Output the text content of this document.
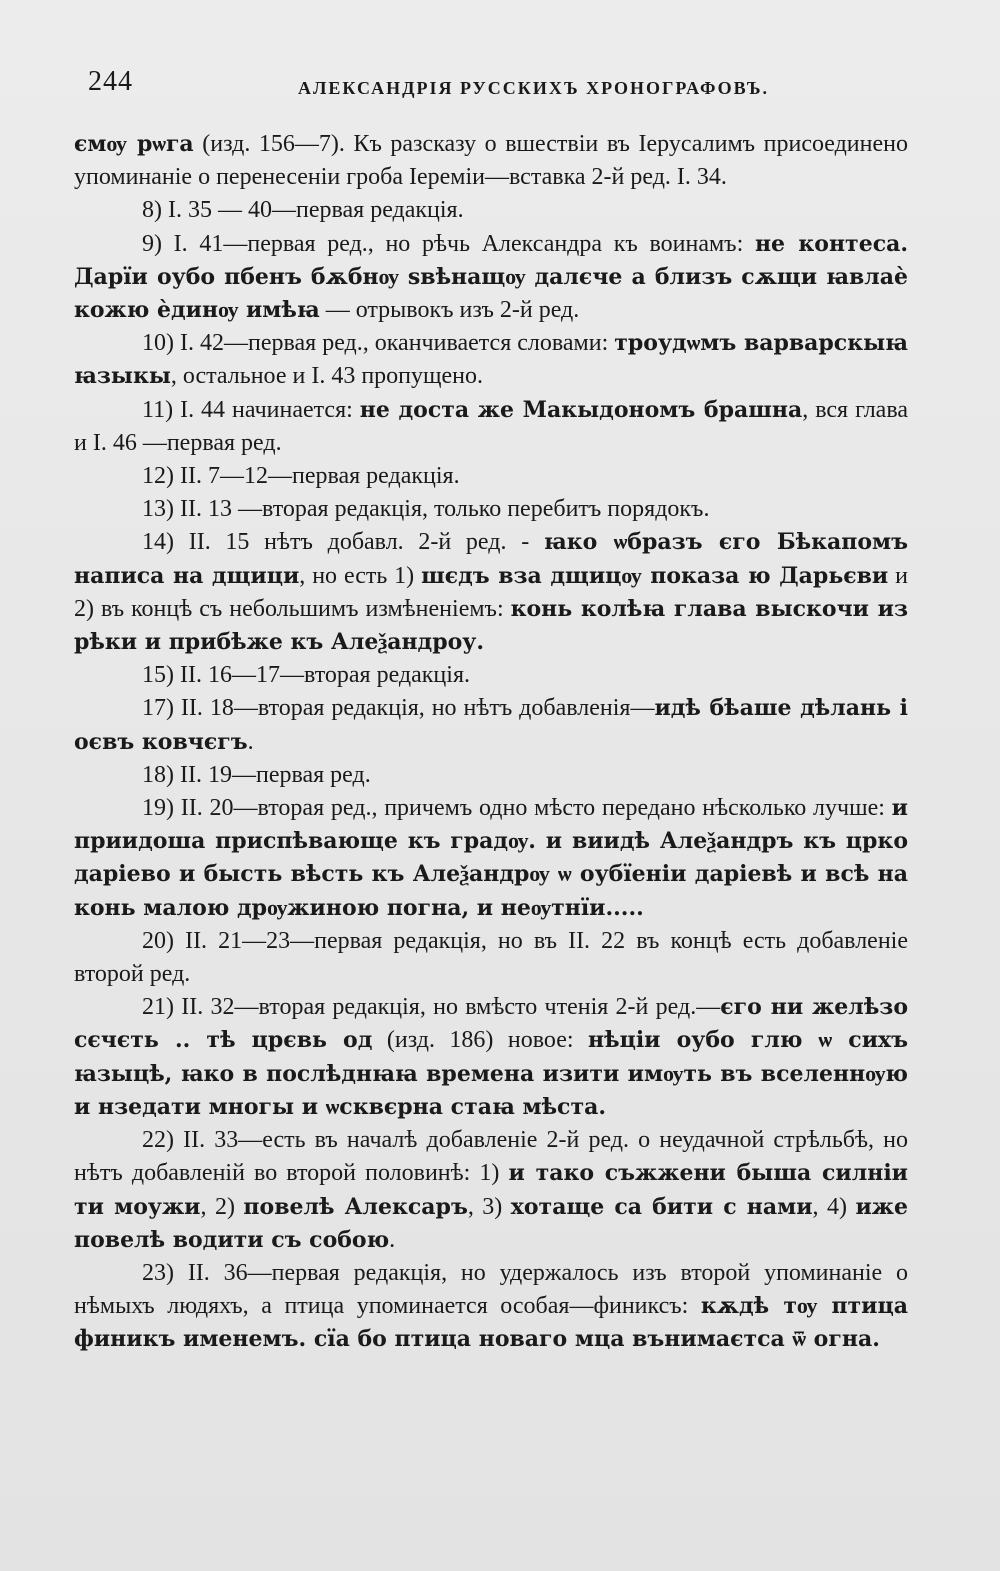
244	АЛЕКСАНДРІЯ РУССКИХЪ ХРОНОГРАФОВЪ.

ємѹ рѡга (изд. 156—7). Къ разсказу о вшествіи въ Іерусалимъ присоединено упоминаніе о перенесеніи гроба Іереміи—вставка 2-й ред. I. 34.

8) I. 35 — 40—первая редакція.

9) I. 41—первая ред., но рѣчь Александра къ воинамъ: не контеса. Дарїи оубо пбенъ бѫбнѹ ѕвѣнащѹ далєче а близъ сѫщи ꙗвлаѐ кожю ѐдинѹ имѣꙗ — отрывокъ изъ 2-й ред.

10) I. 42—первая ред., оканчивается словами: троудѡмъ варварскыꙗ ꙗзыкы, остальное и I. 43 пропущено.

11) I. 44 начинается: не доста же Макыдономъ брашна, вся глава и I. 46 —первая ред.

12) II. 7—12—первая редакція.

13) II. 13 —вторая редакція, только перебитъ порядокъ.

14) II. 15 нѣтъ добавл. 2-й ред. - ꙗко ѡбразъ єго Бѣкапомъ написа на дщици, но есть 1) шєдъ вза дщицѹ показа ю Дарьєви и 2) въ концѣ съ небольшимъ измѣненіемъ: конь колѣꙗ глава выскочи из рѣки и прибѣже къ Алеѯандроу.

15) II. 16—17—вторая редакція.

17) II. 18—вторая редакція, но нѣтъ добавленія—идѣ бѣаше дѣлань і оєвъ ковчєгъ.

18) II. 19—первая ред.

19) II. 20—вторая ред., причемъ одно мѣсто передано нѣсколько лучше: и приидоша приспѣвающе къ градѹ. и виидѣ Алеѯандръ къ црко даріево и бысть вѣсть къ Алеѯандрѹ ѡ оубїеніи даріевѣ и всѣ на конь малою дрѹжиною погна, и неѹтнїи.....

20) II. 21—23—первая редакція, но въ II. 22 въ концѣ есть добавленіе второй ред.

21) II. 32—вторая редакція, но вмѣсто чтенія 2-й ред.—єго ни желѣзо сєчєть .. тѣ црєвь од (изд. 186) новое: нѣціи оубо глю ѡ сихъ ꙗзыцѣ, ꙗко в послѣднꙗꙗ времена изити имѹть въ вселеннѹю и нзедати многы и ѡсквєрна стаꙗ мѣста.

22) II. 33—есть въ началѣ добавленіе 2-й ред. о неудачной стрѣльбѣ, но нѣтъ добавленій во второй половинѣ: 1) и тако съжжени быша силніи ти моужи, 2) повелѣ Алексаръ, 3) хотаще са бити с нами, 4) иже повелѣ водити съ собою.

23) II. 36—первая редакція, но удержалось изъ второй упоминаніе о нѣмыхъ людяхъ, а птица упоминается особая—финиксъ: кѫдѣ тѹ птица финикъ именемъ. сїа бо птица новаго мца вънимаєтса ѿ огна.
